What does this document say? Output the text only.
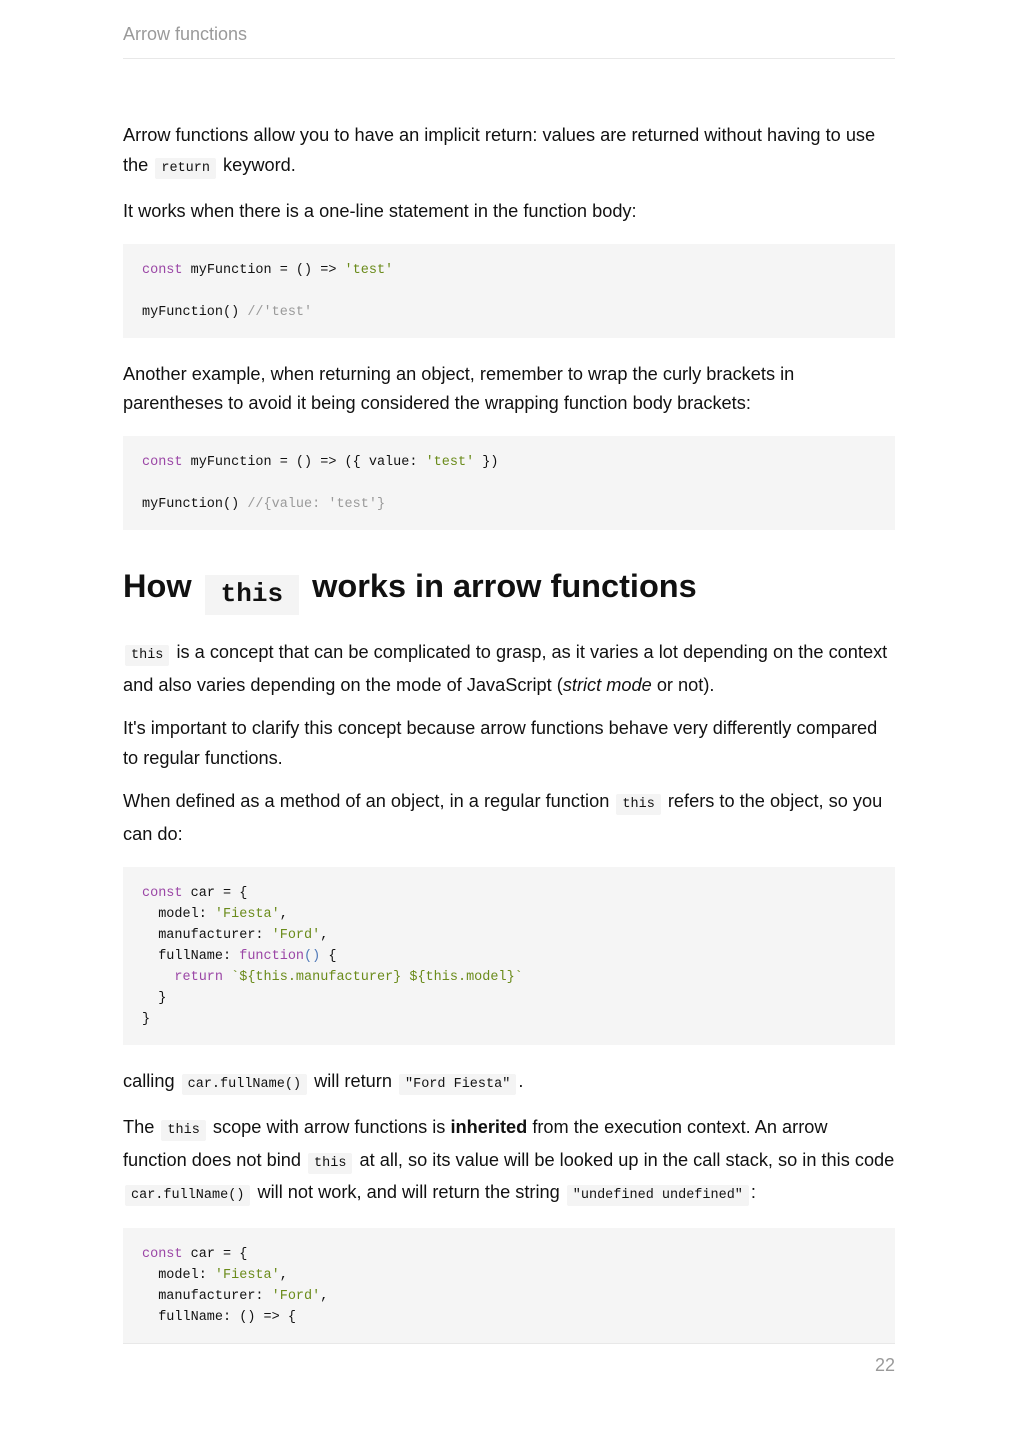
Arrow functions

Arrow functions allow you to have an implicit return: values are returned without having to use the return keyword.

It works when there is a one-line statement in the function body:

const myFunction = () => 'test'

myFunction() //'test'

Another example, when returning an object, remember to wrap the curly brackets in parentheses to avoid it being considered the wrapping function body brackets:

const myFunction = () => ({ value: 'test' })

myFunction() //{value: 'test'}
How this works in arrow functions

this is a concept that can be complicated to grasp, as it varies a lot depending on the context and also varies depending on the mode of JavaScript (strict mode or not).

It's important to clarify this concept because arrow functions behave very differently compared to regular functions.

When defined as a method of an object, in a regular function this refers to the object, so you can do:

const car = {
model: 'Fiesta',
manufacturer: 'Ford',
fullName: function() {
return `${this.manufacturer} ${this.model}`
}
}

calling car.fullName() will return "Ford Fiesta" .

The this scope with arrow functions is inherited from the execution context. An arrow function does not bind this at all, so its value will be looked up in the call stack, so in this code car.fullName() will not work, and will return the string "undefined undefined" :

const car = {
model: 'Fiesta',
manufacturer: 'Ford',
fullName: () => {
22
